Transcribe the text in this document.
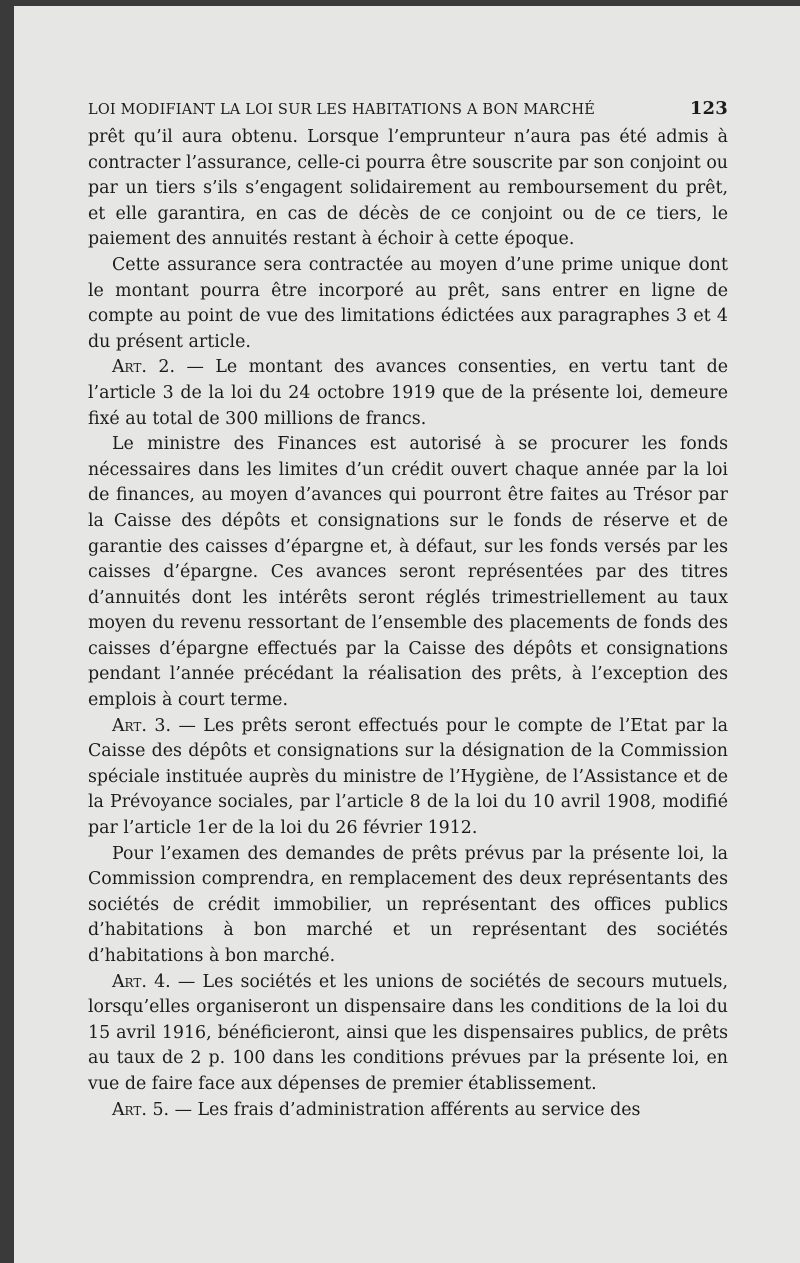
LOI MODIFIANT LA LOI SUR LES HABITATIONS A BON MARCHÉ	123

prêt qu’il aura obtenu. Lorsque l’emprunteur n’aura pas été admis à contracter l’assurance, celle-ci pourra être souscrite par son conjoint ou par un tiers s’ils s’engagent solidairement au remboursement du prêt, et elle garantira, en cas de décès de ce conjoint ou de ce tiers, le paiement des annuités restant à échoir à cette époque.

Cette assurance sera contractée au moyen d’une prime unique dont le montant pourra être incorporé au prêt, sans entrer en ligne de compte au point de vue des limitations édictées aux paragraphes 3 et 4 du présent article.

Art. 2. — Le montant des avances consenties, en vertu tant de l’article 3 de la loi du 24 octobre 1919 que de la présente loi, demeure fixé au total de 300 millions de francs.

Le ministre des Finances est autorisé à se procurer les fonds nécessaires dans les limites d’un crédit ouvert chaque année par la loi de finances, au moyen d’avances qui pourront être faites au Trésor par la Caisse des dépôts et consignations sur le fonds de réserve et de garantie des caisses d’épargne et, à défaut, sur les fonds versés par les caisses d’épargne. Ces avances seront représentées par des titres d’annuités dont les intérêts seront réglés trimestriellement au taux moyen du revenu ressortant de l’ensemble des placements de fonds des caisses d’épargne effectués par la Caisse des dépôts et consignations pendant l’année précédant la réalisation des prêts, à l’exception des emplois à court terme.

Art. 3. — Les prêts seront effectués pour le compte de l’Etat par la Caisse des dépôts et consignations sur la désignation de la Commission spéciale instituée auprès du ministre de l’Hygiène, de l’Assistance et de la Prévoyance sociales, par l’article 8 de la loi du 10 avril 1908, modifié par l’article 1er de la loi du 26 février 1912.

Pour l’examen des demandes de prêts prévus par la présente loi, la Commission comprendra, en remplacement des deux représentants des sociétés de crédit immobilier, un représentant des offices publics d’habitations à bon marché et un représentant des sociétés d’habitations à bon marché.

Art. 4. — Les sociétés et les unions de sociétés de secours mutuels, lorsqu’elles organiseront un dispensaire dans les conditions de la loi du 15 avril 1916, bénéficieront, ainsi que les dispensaires publics, de prêts au taux de 2 p. 100 dans les conditions prévues par la présente loi, en vue de faire face aux dépenses de premier établissement.

Art. 5. — Les frais d’administration afférents au service des
